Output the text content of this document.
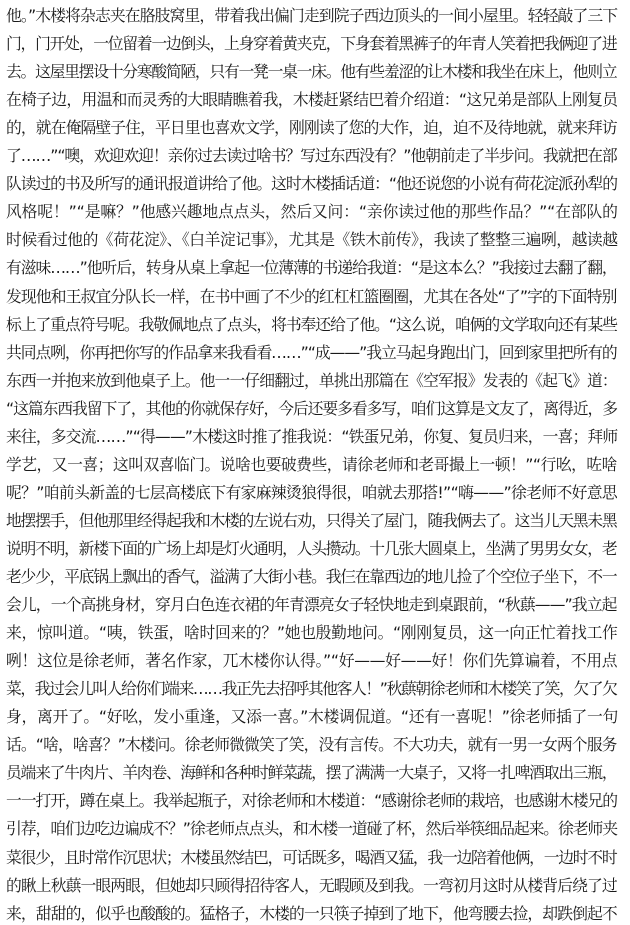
他。”木楼将杂志夹在胳肢窝里，带着我出偏门走到院子西边顶头的一间小屋里。轻轻敲了三下
门，门开处，一位留着一边倒头，上身穿着黄夹克，下身套着黑裤子的年青人笑着把我俩迎了进
去。这屋里摆设十分寒酸简陋，只有一凳一桌一床。他有些羞涩的让木楼和我坐在床上，他则立
在椅子边，用温和而灵秀的大眼睛瞧着我，木楼赶紧结巴着介绍道：“这兄弟是部队上刚复员
的，就在俺隔壁子住，平日里也喜欢文学，刚刚读了您的大作，迫，迫不及待地就，就来拜访
了……”“噢，欢迎欢迎！亲你过去读过啥书？写过东西没有？”他朝前走了半步问。我就把在部
队读过的书及所写的通讯报道讲给了他。这时木楼插话道：“他还说您的小说有荷花淀派孙犁的
风格呢！”“是嘛？”他感兴趣地点点头，然后又问：“亲你读过他的那些作品？”“在部队的
时候看过他的《荷花淀》、《白羊淀记事》，尤其是《铁木前传》，我读了整整三遍咧，越读越
有滋味……”他听后，转身从桌上拿起一位薄薄的书递给我道：“是这本么？”我接过去翻了翻，
发现他和王叔宜分队长一样，在书中画了不少的红杠杠篮圈圈，尤其在各处“了”字的下面特别
标上了重点符号呢。我敬佩地点了点头，将书奉还给了他。“这么说，咱俩的文学取向还有某些
共同点咧，你再把你写的作品拿来我看看……”“成——”我立马起身跑出门，回到家里把所有的
东西一并抱来放到他桌子上。他一一仔细翻过，单挑出那篇在《空军报》发表的《起飞》道：
“这篇东西我留下了，其他的你就保存好，今后还要多看多写，咱们这算是文友了，离得近，多
来往，多交流……”“得——”木楼这时推了推我说：“铁蛋兄弟，你复、复员归来，一喜；拜师
学艺，又一喜；这叫双喜临门。说啥也要破费些，请徐老师和老哥撮上一顿！”“行吆，咗啥
呢？”咱前头新盖的七层高楼底下有家麻辣烫狼得很，咱就去那搭!”“嗨——”徐老师不好意思
地摆摆手，但他那里经得起我和木楼的左说右劝，只得关了屋门，随我俩去了。这当儿天黑未黑
说明不明，新楼下面的广场上却是灯火通明，人头攒动。十几张大圆桌上，坐满了男男女女，老
老少少，平底锅上飘出的香气，溢满了大街小巷。我仨在靠西边的地儿捡了个空位子坐下，不一
会儿，一个高挑身材，穿月白色连衣裙的年青漂亮女子轻快地走到桌跟前，“秋蕻——”我立起
来，惊叫道。“咦，铁蛋，啥时回来的？”她也殷勤地问。“刚刚复员，这一向正忙着找工作
咧！这位是徐老师，著名作家，兀木楼你认得。”“好——好——好！你们先算谝着，不用点
菜，我过会儿叫人给你们端来……我正先去招呼其他客人！”秋蕻朝徐老师和木楼笑了笑，欠了欠
身，离开了。“好吆，发小重逢，又添一喜。”木楼调侃道。“还有一喜呢！”徐老师插了一句
话。“啥，啥喜？”木楼问。徐老师微微笑了笑，没有言传。不大功夫，就有一男一女两个服务
员端来了牛肉片、羊肉卷、海鲜和各种时鲜菜蔬，摆了满满一大桌子，又将一扎啤酒取出三瓶，
一一打开，蹲在桌上。我举起瓶子，对徐老师和木楼道：“感谢徐老师的栽培，也感谢木楼兄的
引荐，咱们边吃边谝成不？”徐老师点点头，和木楼一道碰了杯，然后举筷细品起来。徐老师夹
菜很少，且时常作沉思状；木楼虽然结巴，可话既多，喝酒又猛，我一边陪着他俩，一边时不时
的瞅上秋蕻一眼两眼，但她却只顾得招待客人，无暇顾及到我。一弯初月这时从楼背后绕了过
来，甜甜的，似乎也酸酸的。猛格子，木楼的一只筷子掉到了地下，他弯腰去捡，却跌倒起不
